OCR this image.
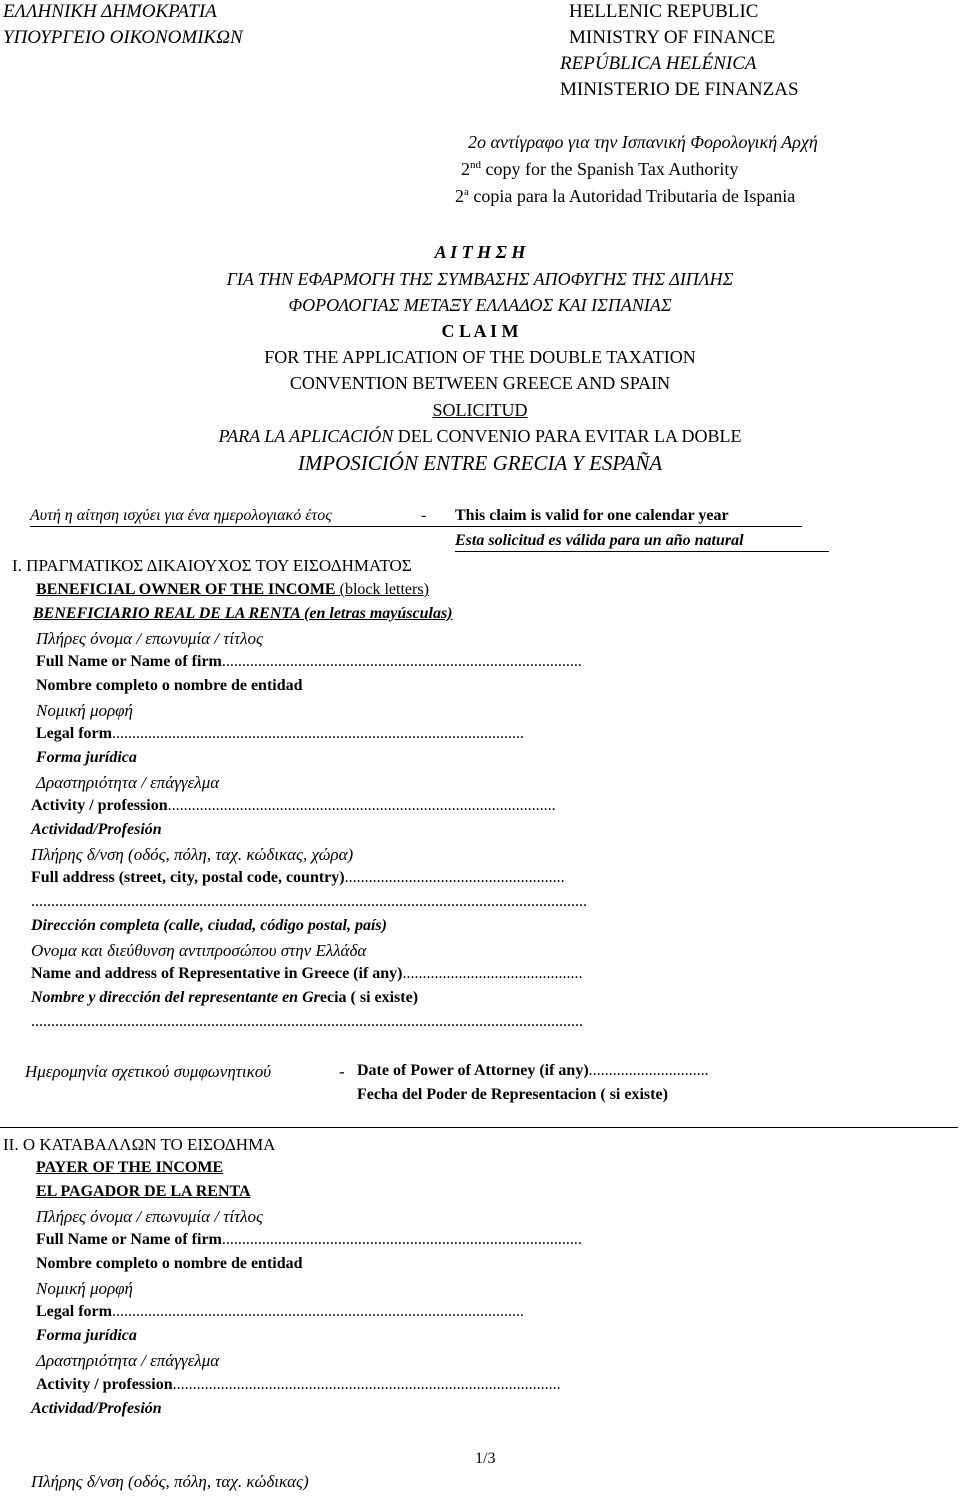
ΕΛΛΗΝΙΚΗ ΔΗΜΟΚΡΑΤΙΑ
ΥΠΟΥΡΓΕΙΟ ΟΙΚΟΝΟΜΙΚΩΝ
HELLENIC REPUBLIC
MINISTRY OF FINANCE
REPÚBLICA HELÉNICA
MINISTERIO DE FINANZAS
2ο αντίγραφο για την Ισπανική Φορολογική Αρχή
2nd copy for the Spanish Tax Authority
2$^a$ copia para la Autoridad Tributaria de Ispania
Α Ι Τ Η Σ Η
ΓΙΑ ΤΗΝ ΕΦΑΡΜΟΓΗ ΤΗΣ ΣΥΜΒΑΣΗΣ ΑΠΟΦΥΓΗΣ ΤΗΣ ΔΙΠΛΗΣ
ΦΟΡΟΛΟΓΙΑΣ ΜΕΤΑΞΥ ΕΛΛΑΔΟΣ ΚΑΙ ΙΣΠΑΝΙΑΣ
C L A I M
FOR THE APPLICATION OF THE DOUBLE TAXATION
CONVENTION BETWEEN GREECE AND SPAIN
SOLICITUD
PARA LA APLICACIÓN DEL CONVENIO PARA EVITAR LA DOBLE
IMPOSICIÓN ENTRE GRECIA Y ESPAÑA
Αυτή η αίτηση ισχύει για ένα ημερολογιακό έτος	- This claim is valid for one calendar year
Esta solicitud es válida para un año natural
Ι. ΠΡΑΓΜΑΤΙΚΟΣ ΔΙΚΑΙΟΥΧΟΣ ΤΟΥ ΕΙΣΟΔΗΜΑΤΟΣ
BENEFICIAL OWNER OF THE INCOME (block letters)
BENEFICIARIO REAL DE LA RENTA (en letras mayúsculas)
Πλήρες όνομα / επωνυμία / τίτλος
Full Name or Name of firm..........................................................................................
Nombre completo o nombre de entidad
Νομική μορφή
Legal form.......................................................................................................
Forma jurídica
Δραστηριότητα / επάγγελμα
Activity / profession.................................................................................................
Actividad/Profesión
Πλήρης δ/νση (οδός, πόλη, ταχ. κώδικας, χώρα)
Full address (street, city, postal code, country).......................................................
...........................................................................................................................................
Dirección completa (calle, ciudad, código postal, país)
Ονομα και διεύθυνση αντιπροσώπου στην Ελλάδα
Name and address of Representative in Greece (if any).............................................
Nombre y dirección del representante en Grecia ( si existe)
..........................................................................................................................................
Ημερομηνία σχετικού συμφωνητικού	- Date of Power of Attorney (if any)..............................
Fecha del Poder de Representacion ( si existe)
ΙΙ. Ο ΚΑΤΑΒΑΛΛΩΝ ΤΟ ΕΙΣΟΔΗΜΑ
PAYER OF THE INCOME
EL PAGADOR DE LA RENTA
Πλήρες όνομα / επωνυμία / τίτλος
Full Name or Name of firm..........................................................................................
Nombre completo o nombre de entidad
Νομική μορφή
Legal form.......................................................................................................
Forma jurídica
Δραστηριότητα / επάγγελμα
Activity / profession.................................................................................................
Actividad/Profesión
1/3
Πλήρης δ/νση (οδός, πόλη, ταχ. κώδικας)
